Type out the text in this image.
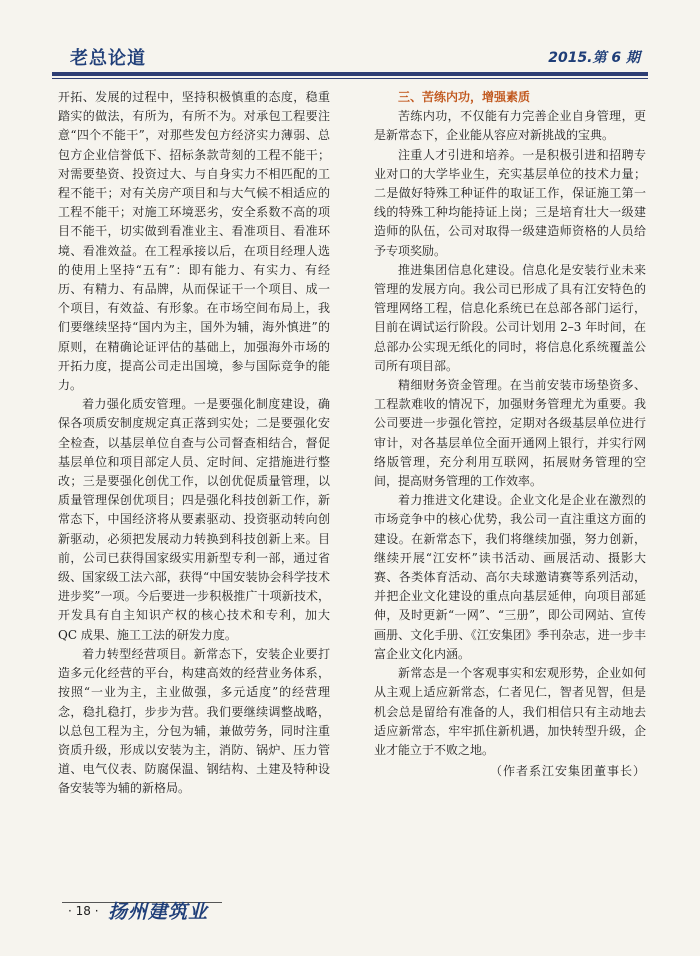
老总论道	2015.第 6 期

开拓、发展的过程中，坚持积极慎重的态度，稳重踏实的做法，有所为，有所不为。对承包工程要注意“四个不能干”，对那些发包方经济实力薄弱、总包方企业信誉低下、招标条款苛刻的工程不能干；对需要垫资、投资过大、与自身实力不相匹配的工程不能干；对有关房产项目和与大气候不相适应的工程不能干；对施工环境恶劣，安全系数不高的项目不能干，切实做到看准业主、看准项目、看准环境、看准效益。在工程承接以后，在项目经理人选的使用上坚持“五有”：即有能力、有实力、有经历、有精力、有品牌，从而保证干一个项目、成一个项目，有效益、有形象。在市场空间布局上，我们要继续坚持“国内为主，国外为辅，海外慎进”的原则，在精确论证评估的基础上，加强海外市场的开拓力度，提高公司走出国境，参与国际竞争的能力。

着力强化质安管理。一是要强化制度建设，确保各项质安制度规定真正落到实处；二是要强化安全检查，以基层单位自查与公司督查相结合，督促基层单位和项目部定人员、定时间、定措施进行整改；三是要强化创优工作，以创优促质量管理，以质量管理保创优项目；四是强化科技创新工作，新常态下，中国经济将从要素驱动、投资驱动转向创新驱动，必须把发展动力转换到科技创新上来。目前，公司已获得国家级实用新型专利一部，通过省级、国家级工法六部，获得“中国安装协会科学技术进步奖”一项。今后要进一步积极推广十项新技术，开发具有自主知识产权的核心技术和专利，加大 QC 成果、施工工法的研发力度。

着力转型经营项目。新常态下，安装企业要打造多元化经营的平台，构建高效的经营业务体系，按照“一业为主，主业做强，多元适度”的经营理念，稳扎稳打，步步为营。我们要继续调整战略，以总包工程为主，分包为辅，兼做劳务，同时注重资质升级，形成以安装为主，消防、锅炉、压力管道、电气仪表、防腐保温、钢结构、土建及特种设备安装等为辅的新格局。

三、苦练内功，增强素质

苦练内功，不仅能有力完善企业自身管理，更是新常态下，企业能从容应对新挑战的宝典。

注重人才引进和培养。一是积极引进和招聘专业对口的大学毕业生，充实基层单位的技术力量；二是做好特殊工种证件的取证工作，保证施工第一线的特殊工种均能持证上岗；三是培育壮大一级建造师的队伍，公司对取得一级建造师资格的人员给予专项奖励。

推进集团信息化建设。信息化是安装行业未来管理的发展方向。我公司已形成了具有江安特色的管理网络工程，信息化系统已在总部各部门运行，目前在调试运行阶段。公司计划用 2–3 年时间，在总部办公实现无纸化的同时，将信息化系统覆盖公司所有项目部。

精细财务资金管理。在当前安装市场垫资多、工程款难收的情况下，加强财务管理尤为重要。我公司要进一步强化管控，定期对各级基层单位进行审计，对各基层单位全面开通网上银行，并实行网络版管理，充分利用互联网，拓展财务管理的空间，提高财务管理的工作效率。

着力推进文化建设。企业文化是企业在激烈的市场竞争中的核心优势，我公司一直注重这方面的建设。在新常态下，我们将继续加强，努力创新，继续开展“江安杯”读书活动、画展活动、摄影大赛、各类体育活动、高尔夫球邀请赛等系列活动，并把企业文化建设的重点向基层延伸，向项目部延伸，及时更新“一网”、“三册”，即公司网站、宣传画册、文化手册、《江安集团》季刊杂志，进一步丰富企业文化内涵。

新常态是一个客观事实和宏观形势，企业如何从主观上适应新常态，仁者见仁，智者见智，但是机会总是留给有准备的人，我们相信只有主动地去适应新常态，牢牢抓住新机遇，加快转型升级，企业才能立于不败之地。

（作者系江安集团董事长）

· 18 · 扬州建筑业
